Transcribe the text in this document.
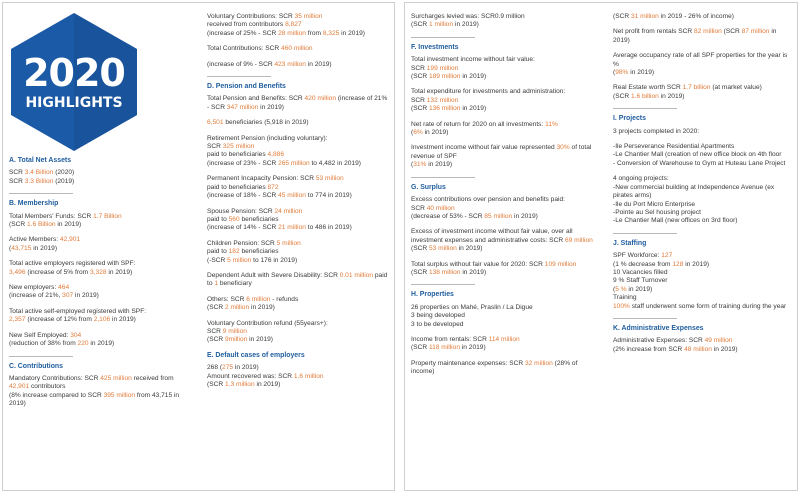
2020
HIGHLIGHTS
A. Total Net Assets
SCR 3.4 Billion (2020)
SCR 3.3 Billion (2019)
B. Membership
Total Members' Funds: SCR 1.7 Billion
(SCR 1.6 Billion in 2019)
Active Members: 42,901
(43,715 in 2019)
Total active employers registered with SPF:
3,496 (increase of 5% from 3,328 in 2019)
New employers: 464
(increase of 21%, 307 in 2019)
Total active self-employed registered with SPF:
2,357 (increase of 12% from 2,106 in 2019)
New Self Employed: 304
(reduction of 38% from 220 in 2019)
C. Contributions
Mandatory Contributions: SCR 425 million received from 42,901 contributors
(8% increase compared to SCR 395 million from 43,715 in 2019)
Voluntary Contributions: SCR 35 million
received from contributors 8,827
(increase of 25% - SCR 28 million from 8,325 in 2019)
Total Contributions: SCR 460 million
(increase of 9% - SCR 423 million in 2019)
D. Pension and Benefits
Total Pension and Benefits: SCR 420 million (increase of 21% - SCR 347 million in 2019)
6,501 beneficiaries (5,918 in 2019)
Retirement Pension (including voluntary):
SCR 325 million
paid to beneficiaries 4,886
(increase of 23% - SCR 265 million to 4,482 in 2019)
Permanent Incapacity Pension: SCR 53 million
paid to beneficiaries 872
(increase of 18% - SCR 45 million to 774 in 2019)
Spouse Pension: SCR 24 million
paid to 560 beneficiaries
(increase of 14% - SCR 21 million to 486 in 2019)
Children Pension: SCR 5 million
paid to 182 beneficiaries
(-SCR 5 million to 176 in 2019)
Dependent Adult with Severe Disability: SCR 0.01 million paid to 1 beneficiary
Others: SCR 6 million - refunds
(SCR 2 million in 2019)
Voluntary Contribution refund (55years+):
SCR 9 million
(SCR 9million in 2019)
E. Default cases of employers
268 (275 in 2019)
Amount recovered was: SCR 1.6 million
(SCR 1.3 million in 2019)
Surcharges levied was: SCR0.9 million
(SCR 1 million in 2019)
F. Investments
Total investment income without fair value:
SCR 199 million
(SCR 189 million in 2019)
Total expenditure for investments and administration:
SCR 132 million
(SCR 136 million in 2019)
Net rate of return for 2020 on all investments: 11%
(6% in 2019)
Investment income without fair value represented 30% of total revenue of SPF
(31% in 2019)
G. Surplus
Excess contributions over pension and benefits paid:
SCR 40 million
(decrease of 53% - SCR 85 million in 2019)
Excess of investment income without fair value, over all investment expenses and administrative costs: SCR 69 million (SCR 53 million in 2019)
Total surplus without fair value for 2020: SCR 109 million
(SCR 138 million in 2019)
H. Properties
26 properties on Mahé, Praslin / La Digue
3 being developed
3 to be developed
Income from rentals: SCR 114 million
(SCR 118 million in 2019)
Property maintenance expenses: SCR 32 million (28% of income)
(SCR 31 million in 2019 - 26% of income)
Net profit from rentals SCR 82 million (SCR 87 million in 2019)
Average occupancy rate of all SPF properties for the year is %
(98% in 2019)
Real Estate worth SCR 1.7 billion (at market value)
(SCR 1.6 billion in 2019)
I. Projects
3 projects completed in 2020:
-Ile Perseverance Residential Apartments
-Le Chantier Mall (creation of new office block on 4th floor
- Conversion of Warehouse to Gym at Huteau Lane Project
4 ongoing projects:
-New commercial building at Independence Avenue (ex pirates arms)
-Ile du Port Micro Enterprise
-Pointe au Sel housing project
-Le Chantier Mall (new offices on 3rd floor)
J. Staffing
SPF Workforce: 127
(1 % decrease from 128 in 2019)
10 Vacancies filled
9 % Staff Turnover
(5 % in 2019)
Training
100% staff underwent some form of training during the year
K. Administrative Expenses
Administrative Expenses: SCR 49 million
(2% increase from SCR 48 million in 2019)
